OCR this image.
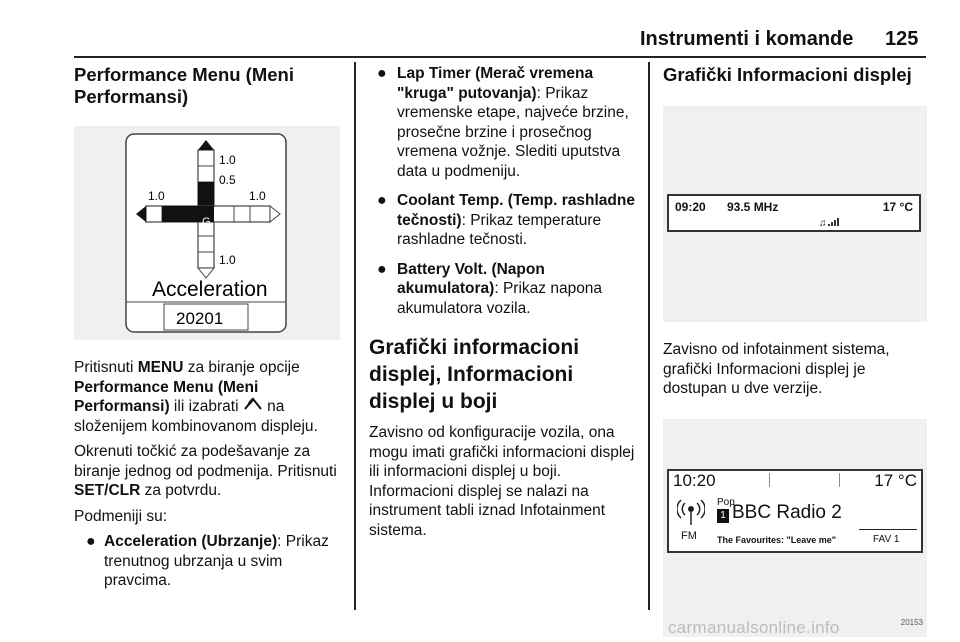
Instrumenti i komande 125
Performance Menu (Meni Performansi)
1.0
0.5
1.0	1.0
1.0
G
Acceleration
20201

Pritisnuti MENU za biranje opcije Performance Menu (Meni Performansi) ili izabrati  na složenijem kombinovanom displeju.

Okrenuti točkić za podešavanje za biranje jednog od podmenija. Pritisnuti SET/CLR za potvrdu.

Podmeniji su:

● Acceleration (Ubrzanje): Prikaz trenutnog ubrzanja u svim pravcima.
● Lap Timer (Merač vremena "kruga" putovanja): Prikaz vremenske etape, najveće brzine, prosečne brzine i prosečnog vremena vožnje. Slediti uputstva data u podmeniju.
● Coolant Temp. (Temp. rashladne tečnosti): Prikaz temperature rashladne tečnosti.
● Battery Volt. (Napon akumulatora): Prikaz napona akumulatora vozila.
Grafički informacioni displej, Informacioni displej u boji

Zavisno od konfiguracije vozila, ona mogu imati grafički informacioni displej ili informacioni displej u boji. Informacioni displej se nalazi na instrument tabli iznad Infotainment sistema.

Grafički Informacioni displej
09:20 93.5 MHz	17 °C
♫

Zavisno od infotainment sistema, grafički Informacioni displej je dostupan u dve verzije.

10:20	17 °C
FM
Pop
1 BBC Radio 2
The Favourites: "Leave me"	FAV 1
20153
carmanualsonline.info
